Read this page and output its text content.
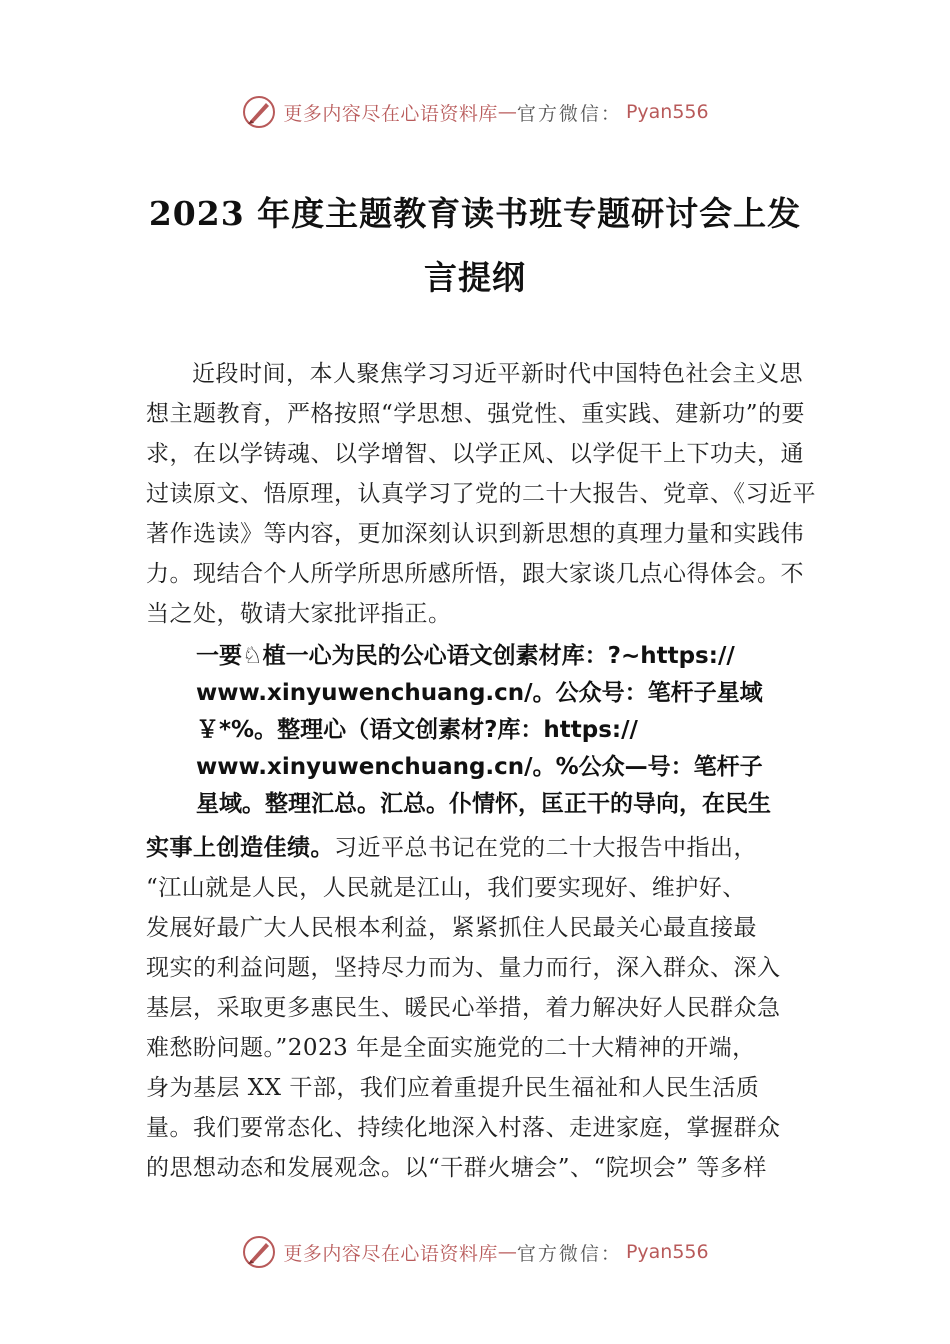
更多内容尽在心语资料库 — 官方微信： Pyan556
2023 年度主题教育读书班专题研讨会上发
言提纲
近段时间，本人聚焦学习习近平新时代中国特色社会主义思想主题教育，严格按照“学思想、强党性、重实践、建新功”的要求，在以学铸魂、以学增智、以学正风、以学促干上下功夫，通过读原文、悟原理，认真学习了党的二十大报告、党章、《习近平著作选读》等内容，更加深刻认识到新思想的真理力量和实践伟力。现结合个人所学所思所感所悟，跟大家谈几点心得体会。不当之处，敬请大家批评指正。
一要♘植一心为民的公心语文创素材库：?~https://
www.xinyuwenchuang.cn/。公众号：笔杆子星域
￥*%。整理心（语文创素材?库：https://
www.xinyuwenchuang.cn/。%公众—号：笔杆子
星域。整理汇总。汇总。仆情怀，匡正干的导向，在民生
实事上创造佳绩。习近平总书记在党的二十大报告中指出，
“江山就是人民，人民就是江山，我们要实现好、维护好、
发展好最广大人民根本利益，紧紧抓住人民最关心最直接最
现实的利益问题，坚持尽力而为、量力而行，深入群众、深入
基层，采取更多惠民生、暖民心举措，着力解决好人民群众急
难愁盼问题。”2023 年是全面实施党的二十大精神的开端，
身为基层 XX 干部，我们应着重提升民生福祉和人民生活质
量。我们要常态化、持续化地深入村落、走进家庭，掌握群众
的思想动态和发展观念。以“干群火塘会”、“院坝会” 等多样
更多内容尽在心语资料库 — 官方微信： Pyan556
